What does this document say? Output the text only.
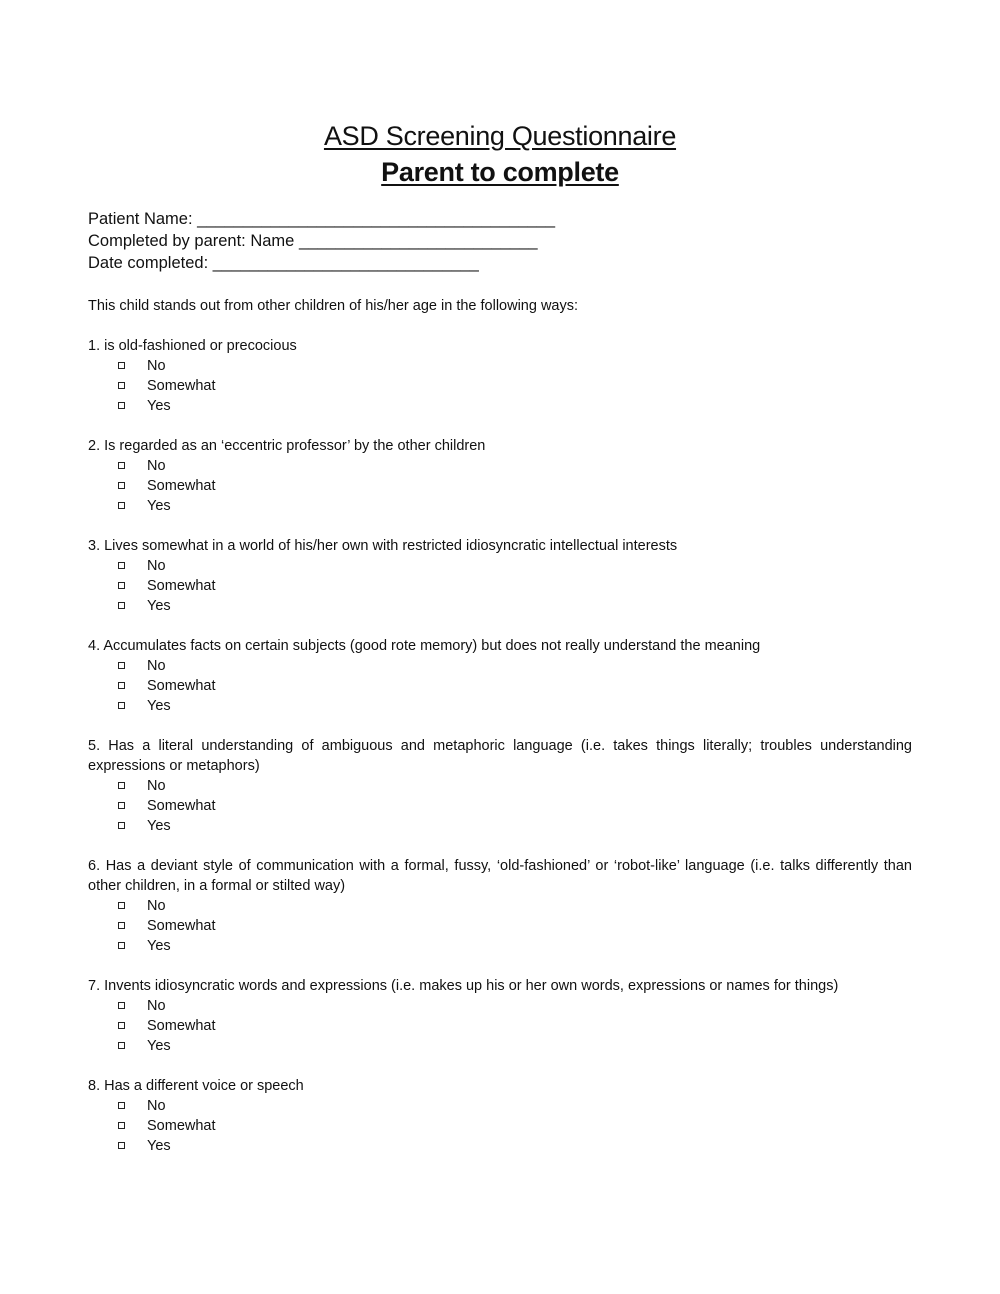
ASD Screening Questionnaire
Parent to complete
Patient Name: _______________________________________
Completed by parent: Name __________________________
Date completed: _____________________________
This child stands out from other children of his/her age in the following ways:
1. is old-fashioned or precocious
No
Somewhat
Yes
2. Is regarded as an ‘eccentric professor’ by the other children
No
Somewhat
Yes
3. Lives somewhat in a world of his/her own with restricted idiosyncratic intellectual interests
No
Somewhat
Yes
4. Accumulates facts on certain subjects (good rote memory) but does not really understand the meaning
No
Somewhat
Yes
5. Has a literal understanding of ambiguous and metaphoric language (i.e. takes things literally; troubles understanding expressions or metaphors)
No
Somewhat
Yes
6. Has a deviant style of communication with a formal, fussy, ‘old-fashioned’ or ‘robot-like’ language (i.e. talks differently than other children, in a formal or stilted way)
No
Somewhat
Yes
7. Invents idiosyncratic words and expressions (i.e. makes up his or her own words, expressions or names for things)
No
Somewhat
Yes
8. Has a different voice or speech
No
Somewhat
Yes
